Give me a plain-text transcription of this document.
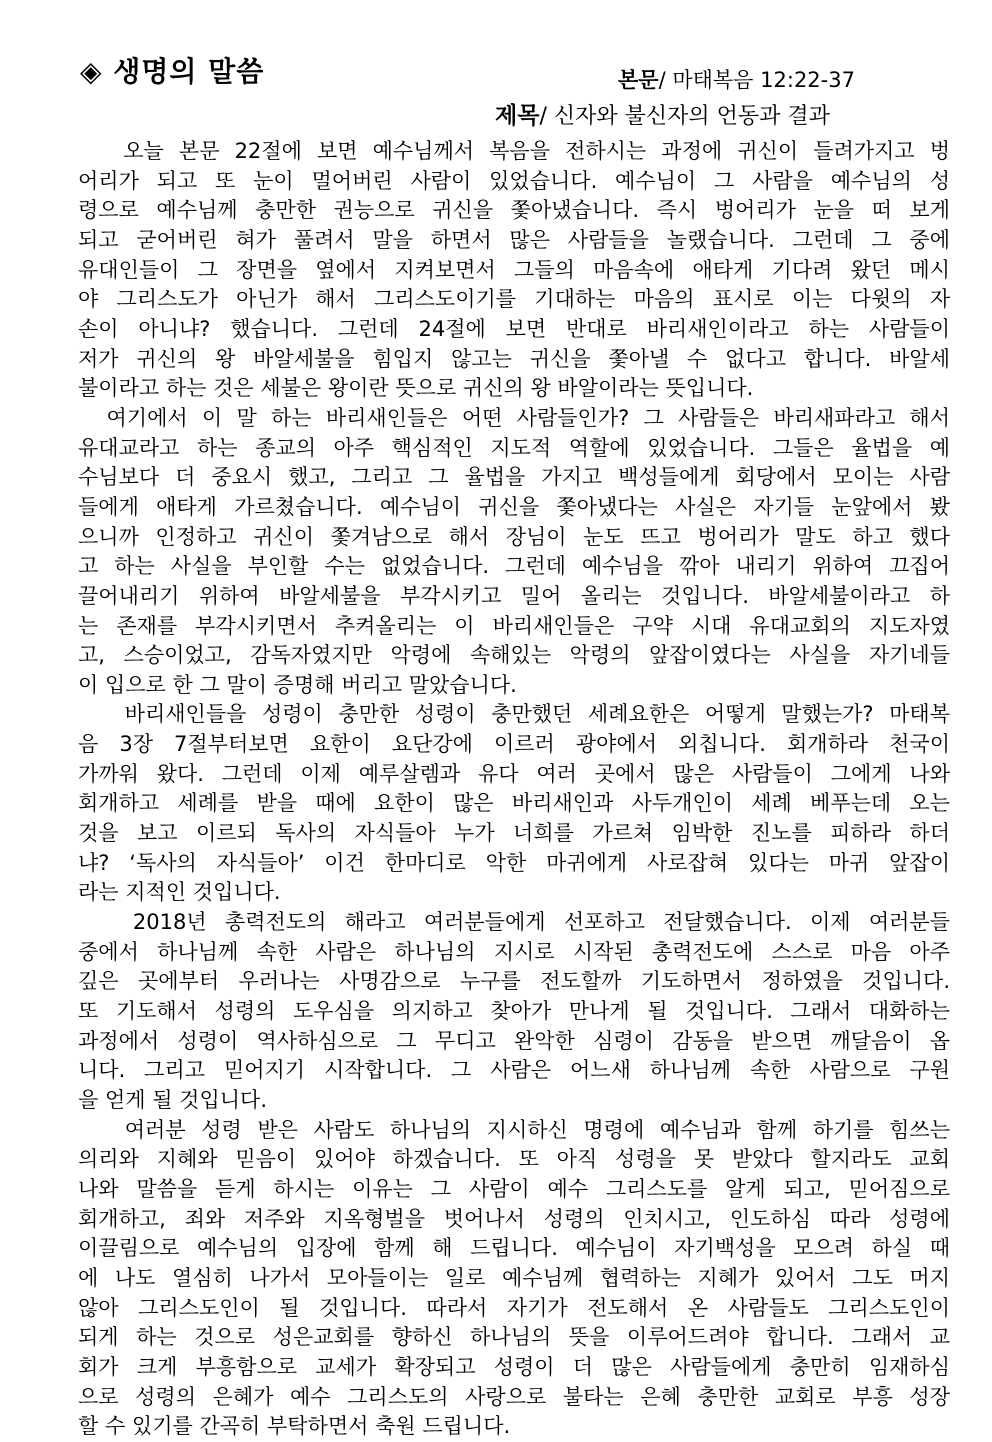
◈ 생명의 말씀	본문/ 마태복음 12:22-37
제목/ 신자와 불신자의 언동과 결과
오늘 본문 22절에 보면 예수님께서 복음을 전하시는 과정에 귀신이 들려가지고 벙
어리가 되고 또 눈이 멀어버린 사람이 있었습니다. 예수님이 그 사람을 예수님의 성
령으로 예수님께 충만한 권능으로 귀신을 쫓아냈습니다. 즉시 벙어리가 눈을 떠 보게
되고 굳어버린 혀가 풀려서 말을 하면서 많은 사람들을 놀랬습니다. 그런데 그 중에
유대인들이 그 장면을 옆에서 지켜보면서 그들의 마음속에 애타게 기다려 왔던 메시
야 그리스도가 아닌가 해서 그리스도이기를 기대하는 마음의 표시로 이는 다윗의 자
손이 아니냐? 했습니다. 그런데 24절에 보면 반대로 바리새인이라고 하는 사람들이
저가 귀신의 왕 바알세불을 힘입지 않고는 귀신을 쫓아낼 수 없다고 합니다. 바알세
불이라고 하는 것은 세불은 왕이란 뜻으로 귀신의 왕 바알이라는 뜻입니다.
여기에서 이 말 하는 바리새인들은 어떤 사람들인가? 그 사람들은 바리새파라고 해서
유대교라고 하는 종교의 아주 핵심적인 지도적 역할에 있었습니다. 그들은 율법을 예
수님보다 더 중요시 했고, 그리고 그 율법을 가지고 백성들에게 회당에서 모이는 사람
들에게 애타게 가르쳤습니다. 예수님이 귀신을 쫓아냈다는 사실은 자기들 눈앞에서 봤
으니까 인정하고 귀신이 쫓겨남으로 해서 장님이 눈도 뜨고 벙어리가 말도 하고 했다
고 하는 사실을 부인할 수는 없었습니다. 그런데 예수님을 깎아 내리기 위하여 끄집어
끌어내리기 위하여 바알세불을 부각시키고 밀어 올리는 것입니다. 바알세불이라고 하
는 존재를 부각시키면서 추켜올리는 이 바리새인들은 구약 시대 유대교회의 지도자였
고, 스승이었고, 감독자였지만 악령에 속해있는 악령의 앞잡이였다는 사실을 자기네들
이 입으로 한 그 말이 증명해 버리고 말았습니다.
바리새인들을 성령이 충만한 성령이 충만했던 세례요한은 어떻게 말했는가? 마태복
음 3장 7절부터보면 요한이 요단강에 이르러 광야에서 외칩니다. 회개하라 천국이
가까워 왔다. 그런데 이제 예루살렘과 유다 여러 곳에서 많은 사람들이 그에게 나와
회개하고 세례를 받을 때에 요한이 많은 바리새인과 사두개인이 세례 베푸는데 오는
것을 보고 이르되 독사의 자식들아 누가 너희를 가르쳐 임박한 진노를 피하라 하더
냐? ‘독사의 자식들아’ 이건 한마디로 악한 마귀에게 사로잡혀 있다는 마귀 앞잡이
라는 지적인 것입니다.
2018년 총력전도의 해라고 여러분들에게 선포하고 전달했습니다. 이제 여러분들
중에서 하나님께 속한 사람은 하나님의 지시로 시작된 총력전도에 스스로 마음 아주
깊은 곳에부터 우러나는 사명감으로 누구를 전도할까 기도하면서 정하였을 것입니다.
또 기도해서 성령의 도우심을 의지하고 찾아가 만나게 될 것입니다. 그래서 대화하는
과정에서 성령이 역사하심으로 그 무디고 완악한 심령이 감동을 받으면 깨달음이 옵
니다. 그리고 믿어지기 시작합니다. 그 사람은 어느새 하나님께 속한 사람으로 구원
을 얻게 될 것입니다.
여러분 성령 받은 사람도 하나님의 지시하신 명령에 예수님과 함께 하기를 힘쓰는
의리와 지혜와 믿음이 있어야 하겠습니다. 또 아직 성령을 못 받았다 할지라도 교회
나와 말씀을 듣게 하시는 이유는 그 사람이 예수 그리스도를 알게 되고, 믿어짐으로
회개하고, 죄와 저주와 지옥형벌을 벗어나서 성령의 인치시고, 인도하심 따라 성령에
이끌림으로 예수님의 입장에 함께 해 드립니다. 예수님이 자기백성을 모으려 하실 때
에 나도 열심히 나가서 모아들이는 일로 예수님께 협력하는 지혜가 있어서 그도 머지
않아 그리스도인이 될 것입니다. 따라서 자기가 전도해서 온 사람들도 그리스도인이
되게 하는 것으로 성은교회를 향하신 하나님의 뜻을 이루어드려야 합니다. 그래서 교
회가 크게 부흥함으로 교세가 확장되고 성령이 더 많은 사람들에게 충만히 임재하심
으로 성령의 은혜가 예수 그리스도의 사랑으로 불타는 은혜 충만한 교회로 부흥 성장
할 수 있기를 간곡히 부탁하면서 축원 드립니다.
